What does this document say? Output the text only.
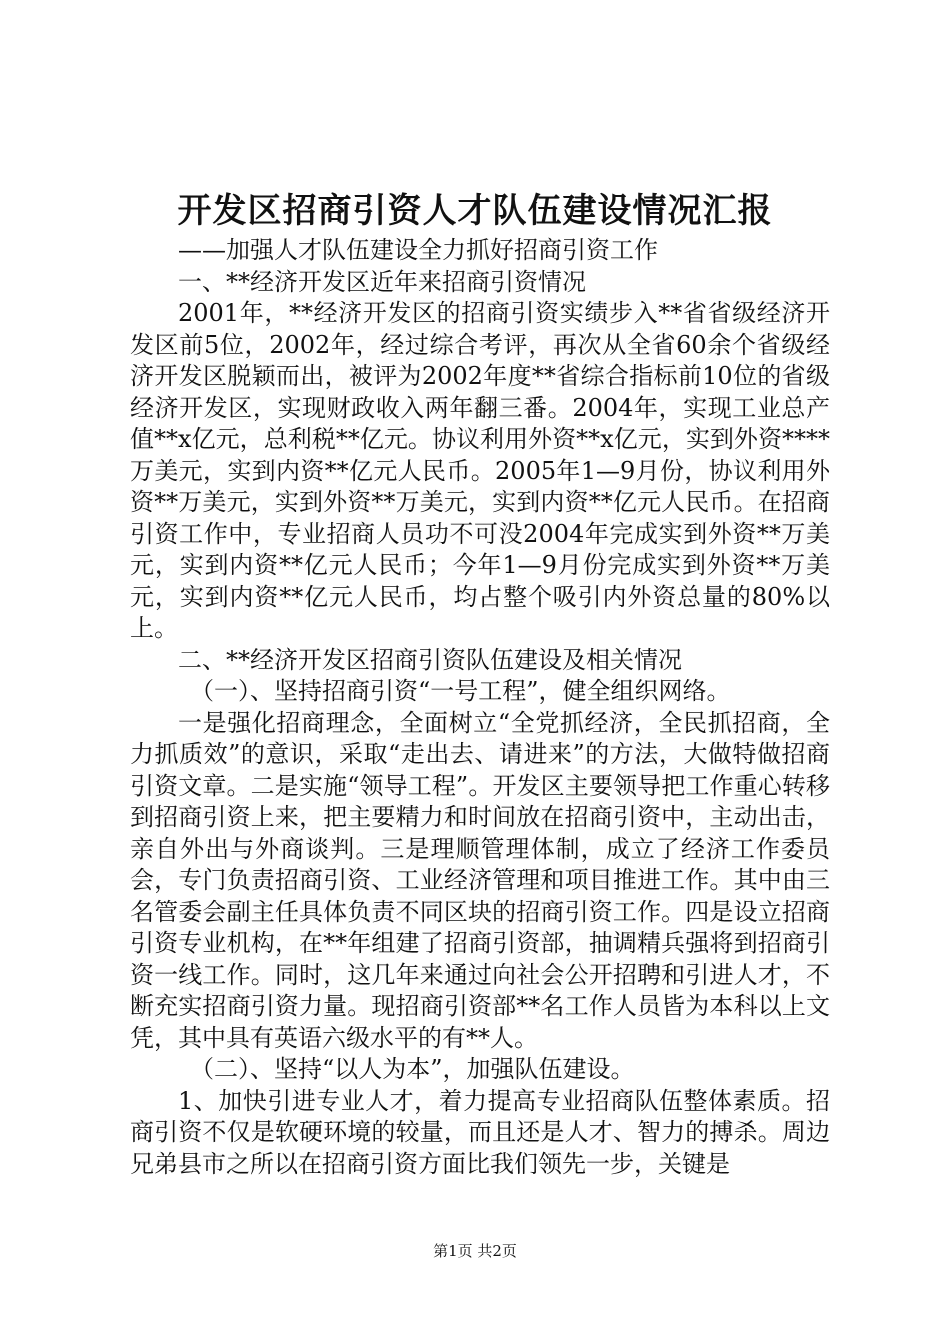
开发区招商引资人才队伍建设情况汇报

——加强人才队伍建设全力抓好招商引资工作

一、**经济开发区近年来招商引资情况

2001年，**经济开发区的招商引资实绩步入**省省级经济开发区前5位，2002年，经过综合考评，再次从全省60余个省级经济开发区脱颖而出，被评为2002年度**省综合指标前10位的省级经济开发区，实现财政收入两年翻三番。2004年，实现工业总产值**x亿元，总利税**亿元。协议利用外资**x亿元，实到外资****万美元，实到内资**亿元人民币。2005年1—9月份，协议利用外资**万美元，实到外资**万美元，实到内资**亿元人民币。在招商引资工作中，专业招商人员功不可没2004年完成实到外资**万美元，实到内资**亿元人民币；今年1—9月份完成实到外资**万美元，实到内资**亿元人民币，均占整个吸引内外资总量的80%以上。

二、**经济开发区招商引资队伍建设及相关情况

（一）、坚持招商引资“一号工程”，健全组织网络。

一是强化招商理念，全面树立“全党抓经济，全民抓招商，全力抓质效”的意识，采取“走出去、请进来”的方法，大做特做招商引资文章。二是实施“领导工程”。开发区主要领导把工作重心转移到招商引资上来，把主要精力和时间放在招商引资中，主动出击，亲自外出与外商谈判。三是理顺管理体制，成立了经济工作委员会，专门负责招商引资、工业经济管理和项目推进工作。其中由三名管委会副主任具体负责不同区块的招商引资工作。四是设立招商引资专业机构，在**年组建了招商引资部，抽调精兵强将到招商引资一线工作。同时，这几年来通过向社会公开招聘和引进人才，不断充实招商引资力量。现招商引资部**名工作人员皆为本科以上文凭，其中具有英语六级水平的有**人。

（二）、坚持“以人为本”，加强队伍建设。

1、加快引进专业人才，着力提高专业招商队伍整体素质。招商引资不仅是软硬环境的较量，而且还是人才、智力的搏杀。周边兄弟县市之所以在招商引资方面比我们领先一步，关键是

第1页 共2页
